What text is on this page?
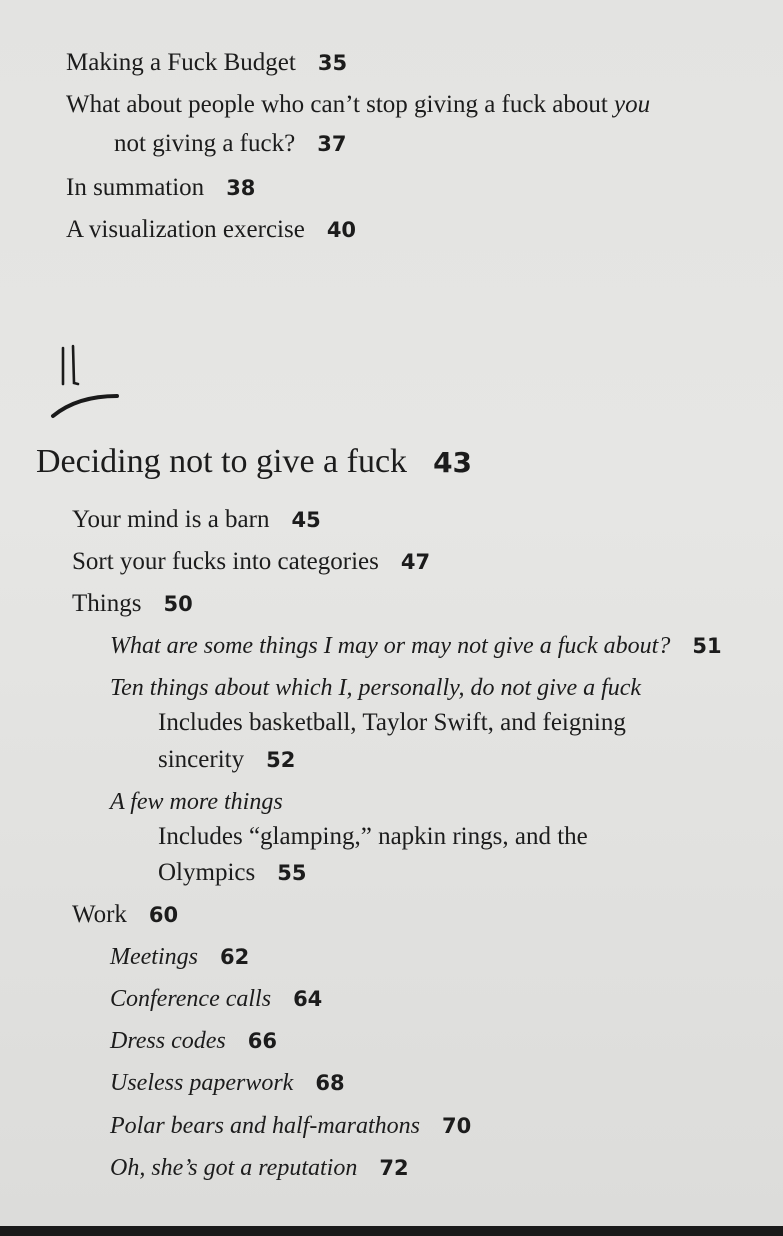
Making a Fuck Budget 35
What about people who can’t stop giving a fuck about you
not giving a fuck? 37
In summation 38
A visualization exercise 40
Deciding not to give a fuck 43
Your mind is a barn 45
Sort your fucks into categories 47
Things 50
What are some things I may or may not give a fuck about? 51
Ten things about which I, personally, do not give a fuck
Includes basketball, Taylor Swift, and feigning
sincerity 52
A few more things
Includes “glamping,” napkin rings, and the
Olympics 55
Work 60
Meetings 62
Conference calls 64
Dress codes 66
Useless paperwork 68
Polar bears and half-marathons 70
Oh, she’s got a reputation 72
